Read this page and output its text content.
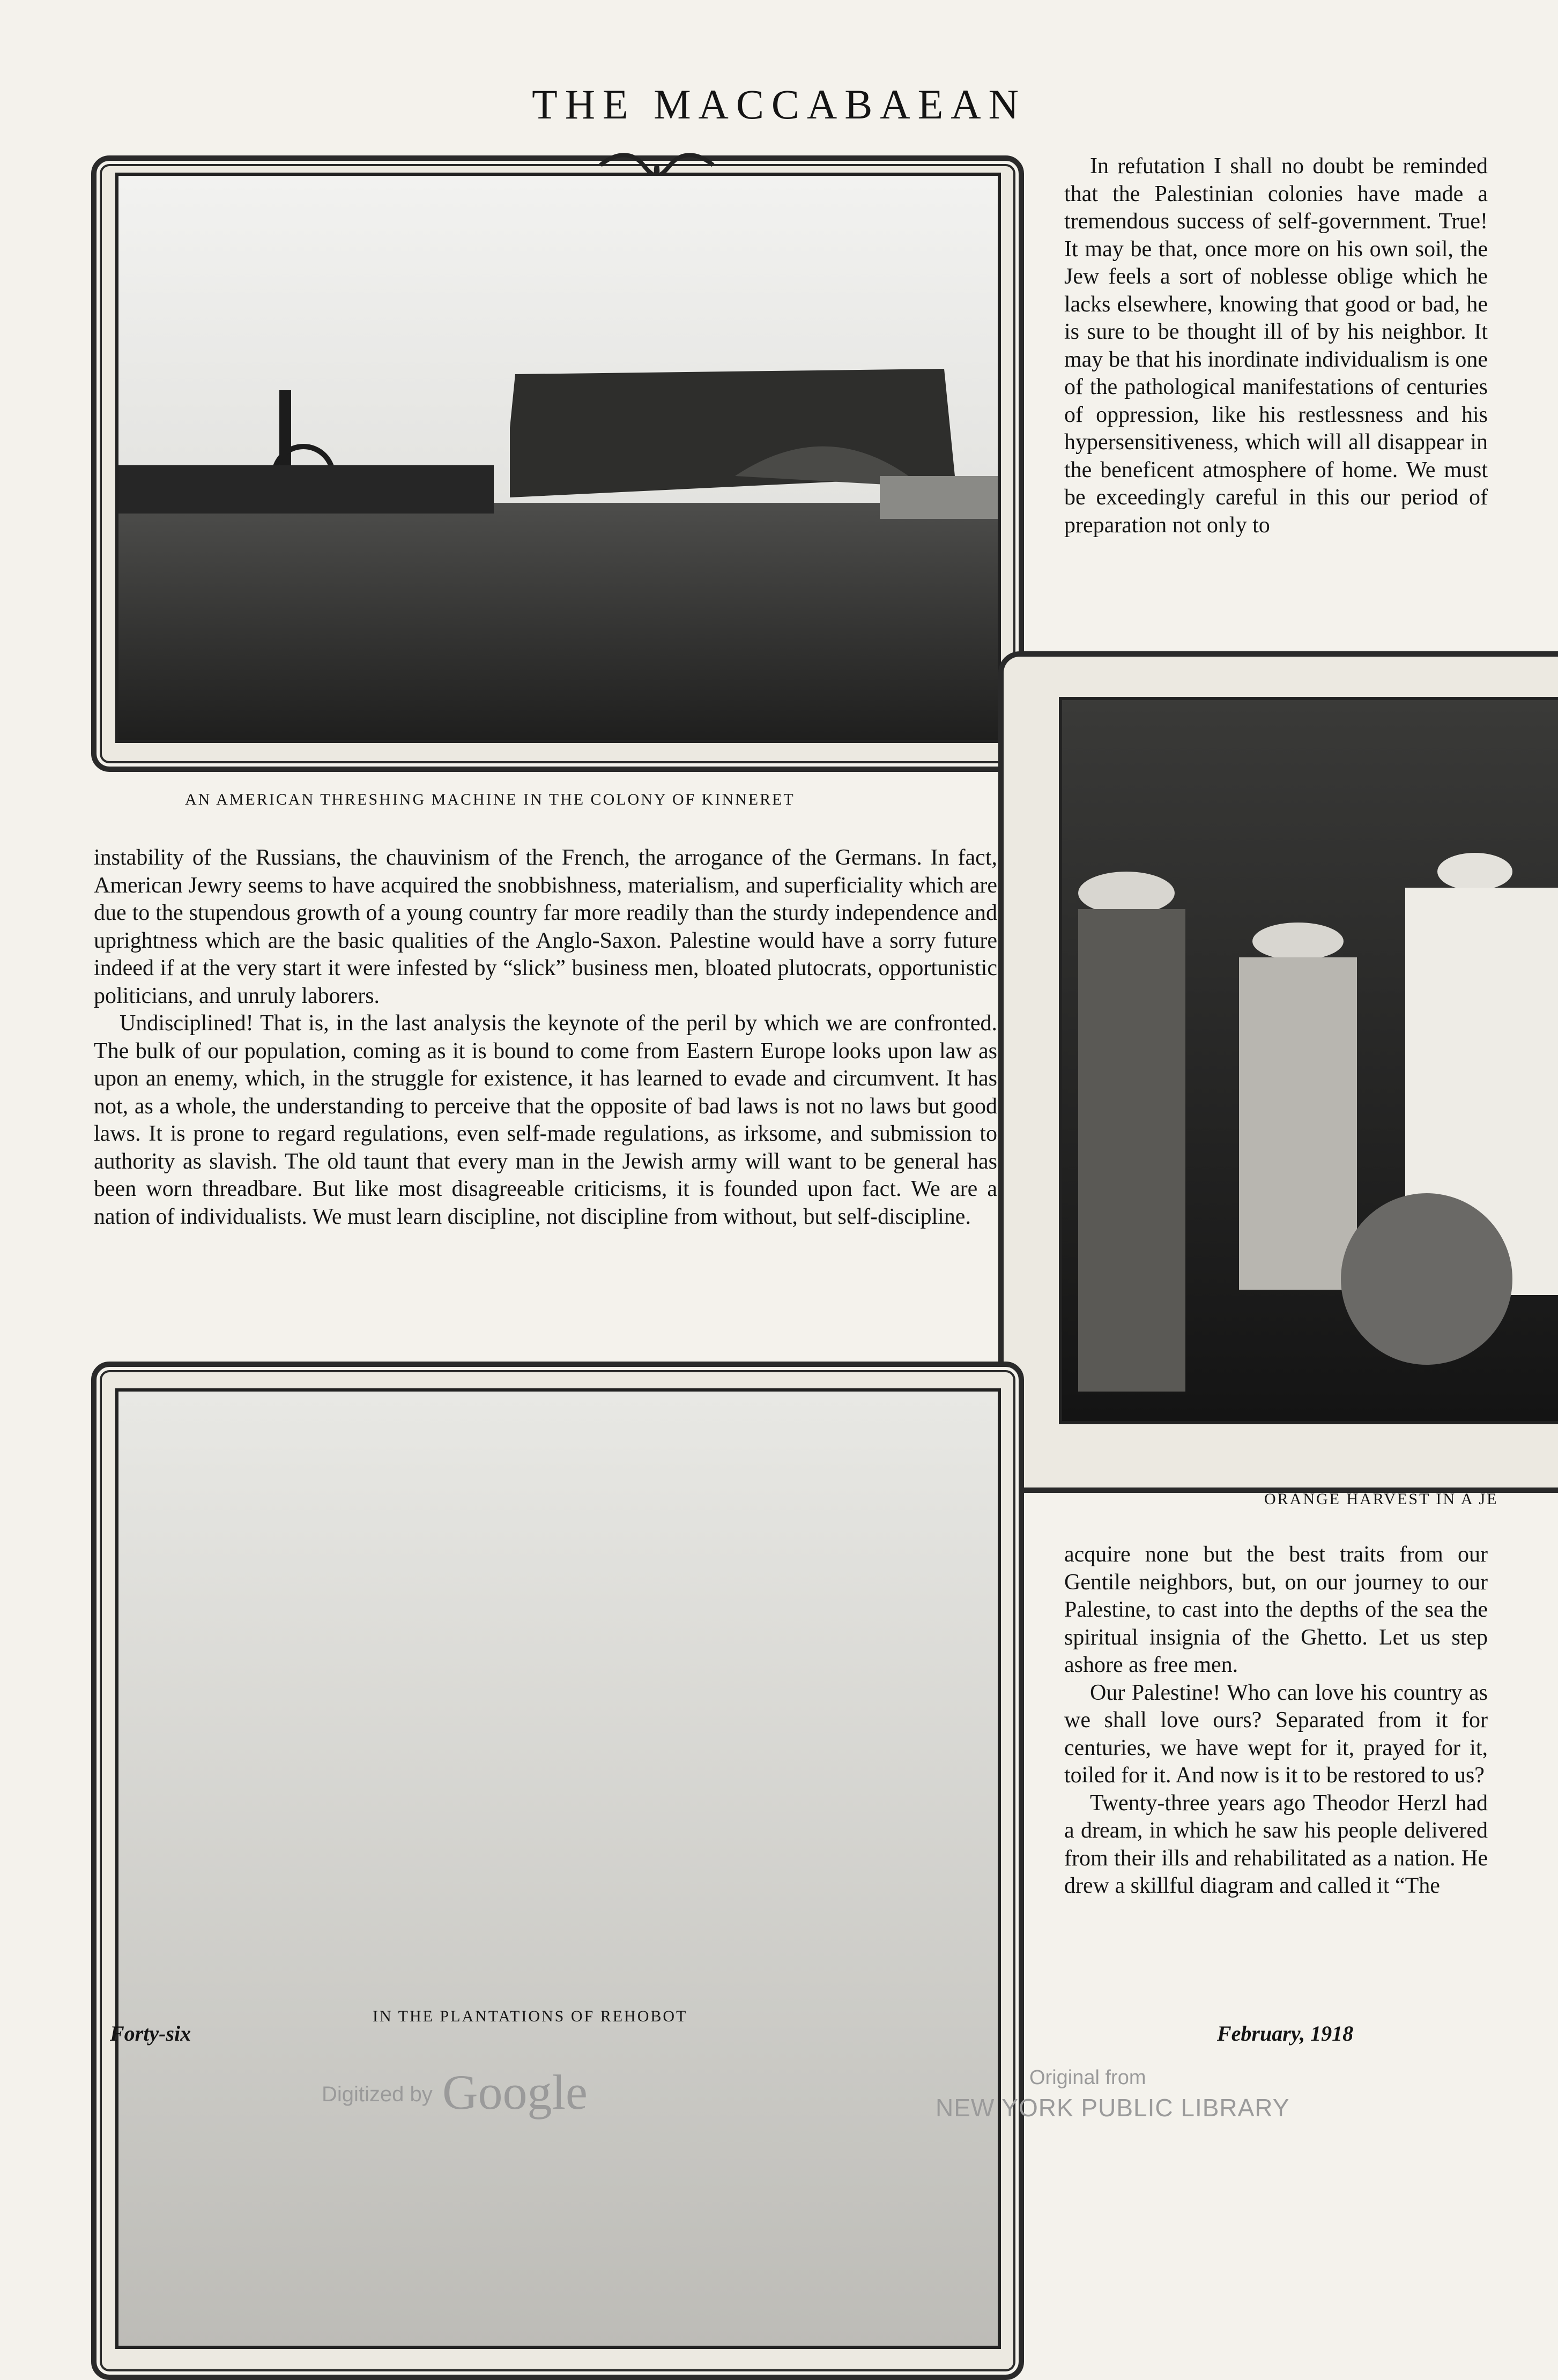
THE MACCABAEAN
AN AMERICAN THRESHING MACHINE IN THE COLONY OF KINNERET

In refutation I shall no doubt be reminded that the Palestinian colonies have made a tremendous success of self-government. True! It may be that, once more on his own soil, the Jew feels a sort of noblesse oblige which he lacks elsewhere, knowing that good or bad, he is sure to be thought ill of by his neighbor. It may be that his inordinate individualism is one of the pathological manifestations of centuries of oppression, like his restlessness and his hypersensitiveness, which will all disappear in the beneficent atmosphere of home. We must be exceedingly careful in this our period of preparation not only to

ORANGE HARVEST IN A JE

instability of the Russians, the chauvinism of the French, the arrogance of the Germans. In fact, American Jewry seems to have acquired the snobbishness, materialism, and superficiality which are due to the stupendous growth of a young country far more readily than the sturdy independence and uprightness which are the basic qualities of the Anglo-Saxon. Palestine would have a sorry future indeed if at the very start it were infested by “slick” business men, bloated plutocrats, opportunistic politicians, and unruly laborers.

Undisciplined! That is, in the last analysis the keynote of the peril by which we are confronted. The bulk of our population, coming as it is bound to come from Eastern Europe looks upon law as upon an enemy, which, in the struggle for existence, it has learned to evade and circumvent. It has not, as a whole, the understanding to perceive that the opposite of bad laws is not no laws but good laws. It is prone to regard regulations, even self-made regulations, as irksome, and submission to authority as slavish. The old taunt that every man in the Jewish army will want to be general has been worn threadbare. But like most disagreeable criticisms, it is founded upon fact. We are a nation of individualists. We must learn discipline, not discipline from without, but self-discipline.

acquire none but the best traits from our Gentile neighbors, but, on our journey to our Palestine, to cast into the depths of the sea the spiritual insignia of the Ghetto. Let us step ashore as free men.

Our Palestine! Who can love his country as we shall love ours? Separated from it for centuries, we have wept for it, prayed for it, toiled for it. And now is it to be restored to us?

Twenty-three years ago Theodor Herzl had a dream, in which he saw his people delivered from their ills and rehabilitated as a nation. He drew a skillful diagram and called it “The

Forty-six
IN THE PLANTATIONS OF REHOBOT
February, 1918
Digitized by Google	Original from
NEW YORK PUBLIC LIBRARY
